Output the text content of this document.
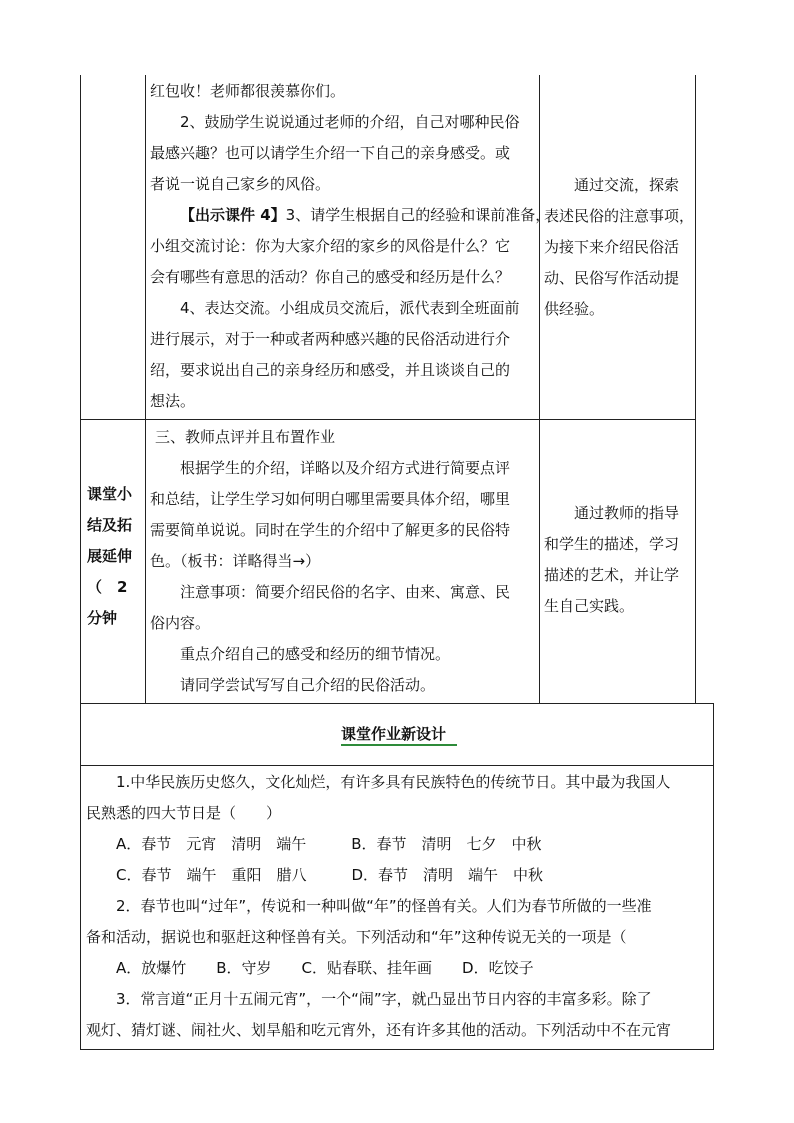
红包收！老师都很羡慕你们。
　　2、鼓励学生说说通过老师的介绍，自己对哪种民俗
最感兴趣？也可以请学生介绍一下自己的亲身感受。或
者说一说自己家乡的风俗。
【出示课件 4】3、请学生根据自己的经验和课前准备，
小组交流讨论：你为大家介绍的家乡的风俗是什么？它
会有哪些有意思的活动？你自己的感受和经历是什么？
　　4、表达交流。小组成员交流后，派代表到全班面前
进行展示，对于一种或者两种感兴趣的民俗活动进行介
绍，要求说出自己的亲身经历和感受，并且谈谈自己的
想法。
　　通过交流，探索
表述民俗的注意事项，
为接下来介绍民俗活
动、民俗写作活动提
供经验。
课堂小
结及拓
展延伸
（　2
分钟
三、教师点评并且布置作业
　　根据学生的介绍，详略以及介绍方式进行简要点评
和总结，让学生学习如何明白哪里需要具体介绍，哪里
需要简单说说。同时在学生的介绍中了解更多的民俗特
色。（板书：详略得当→）
　　注意事项：简要介绍民俗的名字、由来、寓意、民
俗内容。
　　重点介绍自己的感受和经历的细节情况。
　　请同学尝试写写自己介绍的民俗活动。
　　通过教师的指导
和学生的描述，学习
描述的艺术，并让学
生自己实践。
课堂作业新设计
　　1.中华民族历史悠久，文化灿烂，有许多具有民族特色的传统节日。其中最为我国人
民熟悉的四大节日是（　　）
　　A．春节　元宵　清明　端午　　　B．春节　清明　七夕　中秋
　　C．春节　端午　重阳　腊八　　　D．春节　清明　端午　中秋
　　2．春节也叫“过年”，传说和一种叫做“年”的怪兽有关。人们为春节所做的一些准
备和活动，据说也和驱赶这种怪兽有关。下列活动和“年”这种传说无关的一项是（
　　A．放爆竹　　B．守岁　　C．贴春联、挂年画　　D．吃饺子
　　3．常言道“正月十五闹元宵”，一个“闹”字，就凸显出节日内容的丰富多彩。除了
观灯、猜灯谜、闹社火、划旱船和吃元宵外，还有许多其他的活动。下列活动中不在元宵
